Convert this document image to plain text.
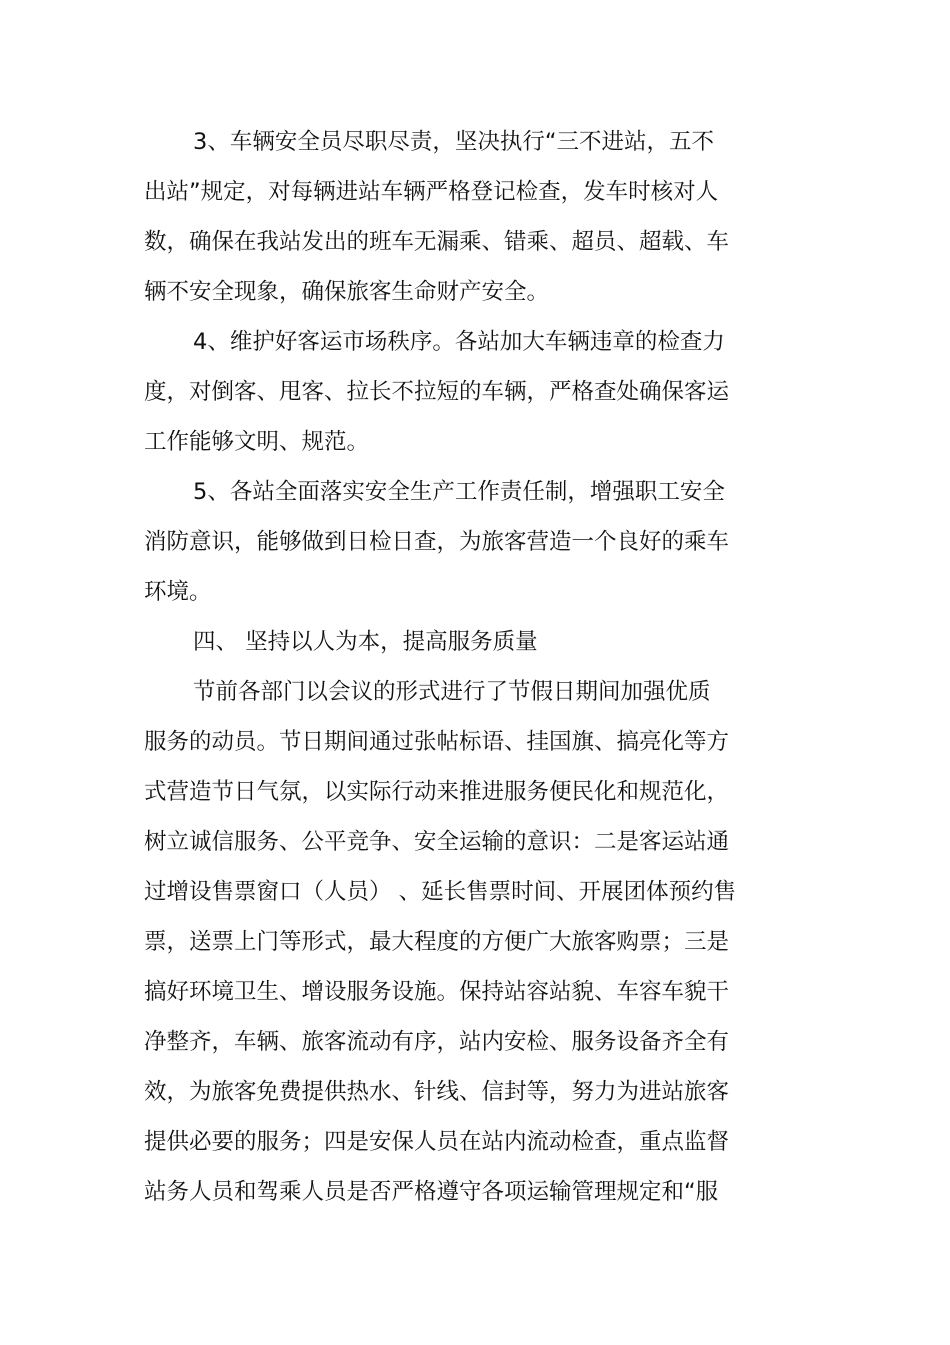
3、车辆安全员尽职尽责，坚决执行“三不进站，五不
出站”规定，对每辆进站车辆严格登记检查，发车时核对人
数，确保在我站发出的班车无漏乘、错乘、超员、超载、车
辆不安全现象，确保旅客生命财产安全。
4、维护好客运市场秩序。各站加大车辆违章的检查力
度，对倒客、甩客、拉长不拉短的车辆，严格查处确保客运
工作能够文明、规范。
5、各站全面落实安全生产工作责任制，增强职工安全
消防意识，能够做到日检日查，为旅客营造一个良好的乘车
环境。
四、 坚持以人为本，提高服务质量
节前各部门以会议的形式进行了节假日期间加强优质
服务的动员。节日期间通过张帖标语、挂国旗、搞亮化等方
式营造节日气氛，以实际行动来推进服务便民化和规范化，
树立诚信服务、公平竞争、安全运输的意识：二是客运站通
过增设售票窗口（人员） 、延长售票时间、开展团体预约售
票，送票上门等形式，最大程度的方便广大旅客购票；三是
搞好环境卫生、增设服务设施。保持站容站貌、车容车貌干
净整齐，车辆、旅客流动有序，站内安检、服务设备齐全有
效，为旅客免费提供热水、针线、信封等，努力为进站旅客
提供必要的服务；四是安保人员在站内流动检查，重点监督
站务人员和驾乘人员是否严格遵守各项运输管理规定和“服
